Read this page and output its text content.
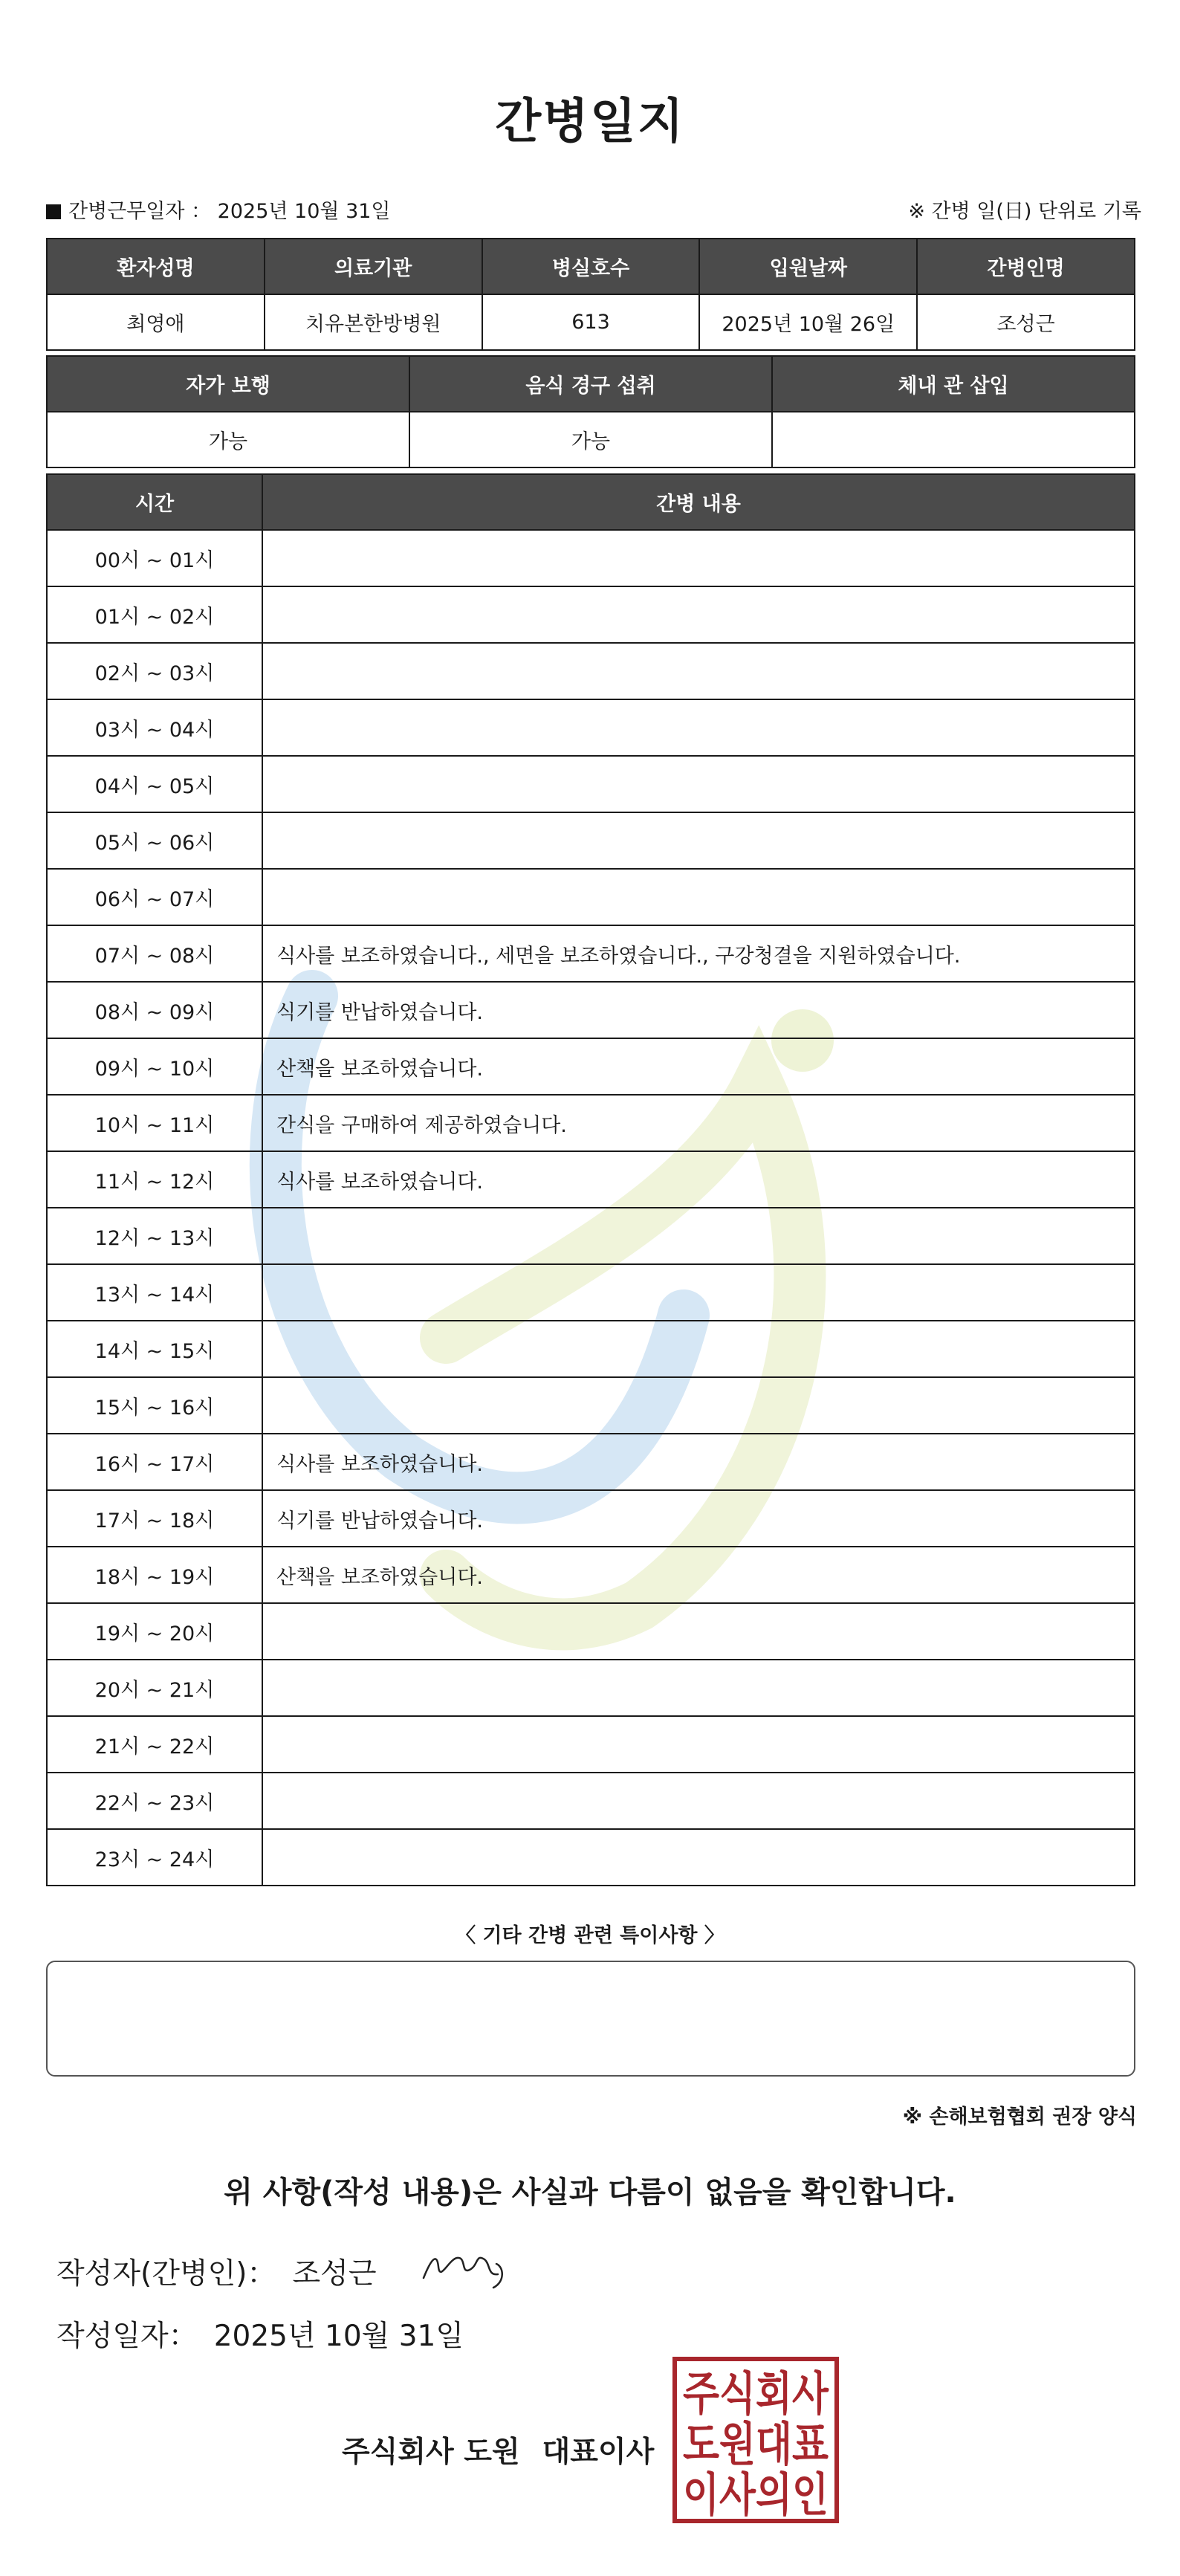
간병일지
간병근무일자 ： 2025년 10월 31일	※ 간병 일(日) 단위로 기록
환자성명	의료기관	병실호수	입원날짜	간병인명
최영애	치유본한방병원	613	2025년 10월 26일	조성근
자가 보행	음식 경구 섭취	체내 관 삽입
가능	가능	
시간	간병 내용
00시 ~ 01시	
01시 ~ 02시	
02시 ~ 03시	
03시 ~ 04시	
04시 ~ 05시	
05시 ~ 06시	
06시 ~ 07시	
07시 ~ 08시	식사를 보조하였습니다., 세면을 보조하였습니다., 구강청결을 지원하였습니다.
08시 ~ 09시	식기를 반납하였습니다.
09시 ~ 10시	산책을 보조하였습니다.
10시 ~ 11시	간식을 구매하여 제공하였습니다.
11시 ~ 12시	식사를 보조하였습니다.
12시 ~ 13시	
13시 ~ 14시	
14시 ~ 15시	
15시 ~ 16시	
16시 ~ 17시	식사를 보조하였습니다.
17시 ~ 18시	식기를 반납하였습니다.
18시 ~ 19시	산책을 보조하였습니다.
19시 ~ 20시	
20시 ~ 21시	
21시 ~ 22시	
22시 ~ 23시	
23시 ~ 24시	
〈 기타 간병 관련 특이사항 〉
※ 손해보험협회 권장 양식
위 사항(작성 내용)은 사실과 다름이 없음을 확인합니다.
작성자(간병인)： 조성근
작성일자： 2025년 10월 31일
주식회사 도원 대표이사
주식회사
도원대표
이사의인
